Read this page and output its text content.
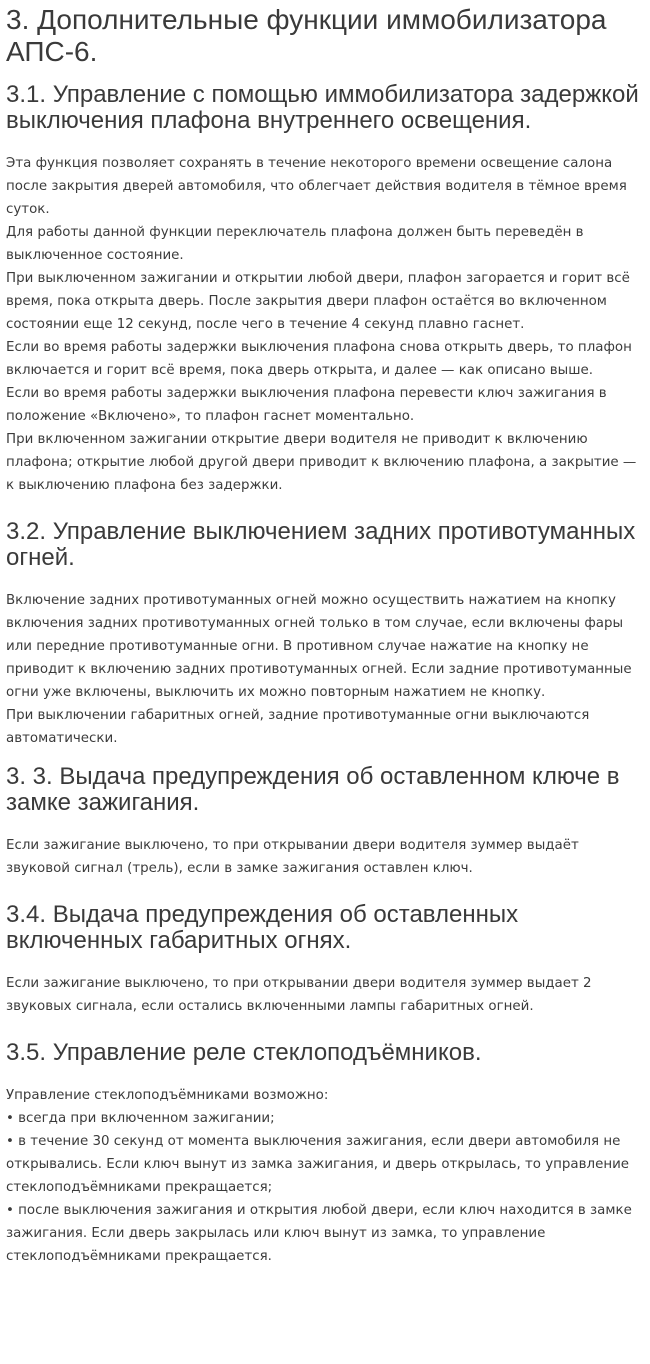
3. Дополнительные функции иммобилизатора АПС-6.
3.1. Управление с помощью иммобилизатора задержкой выключения плафона внутреннего освещения.

Эта функция позволяет сохранять в течение некоторого времени освещение салона после закрытия дверей автомобиля, что облегчает действия водителя в тёмное время суток.

Для работы данной функции переключатель плафона должен быть переведён в выключенное состояние.

При выключенном зажигании и открытии любой двери, плафон загорается и горит всё время, пока открыта дверь. После закрытия двери плафон остаётся во включенном состоянии еще 12 секунд, после чего в течение 4 секунд плавно гаснет.

Если во время работы задержки выключения плафона снова открыть дверь, то плафон включается и горит всё время, пока дверь открыта, и далее — как описано выше.

Если во время работы задержки выключения плафона перевести ключ зажигания в положение «Включено», то плафон гаснет моментально.

При включенном зажигании открытие двери водителя не приводит к включению плафона; открытие любой другой двери приводит к включению плафона, а закрытие — к выключению плафона без задержки.

3.2. Управление выключением задних противотуманных огней.

Включение задних противотуманных огней можно осуществить нажатием на кнопку включения задних противотуманных огней только в том случае, если включены фары или передние противотуманные огни. В противном случае нажатие на кнопку не приводит к включению задних противотуманных огней. Если задние противотуманные огни уже включены, выключить их можно повторным нажатием не кнопку.

При выключении габаритных огней, задние противотуманные огни выключаются автоматически.

3. 3. Выдача предупреждения об оставленном ключе в замке зажигания.

Если зажигание выключено, то при открывании двери водителя зуммер выдаёт звуковой сигнал (трель), если в замке зажигания оставлен ключ.

3.4. Выдача предупреждения об оставленных включенных габаритных огнях.

Если зажигание выключено, то при открывании двери водителя зуммер выдает 2 звуковых сигнала, если остались включенными лампы габаритных огней.

3.5. Управление реле стеклоподъёмников.

Управление стеклоподъёмниками возможно:

• всегда при включенном зажигании;

• в течение 30 секунд от момента выключения зажигания, если двери автомобиля не открывались. Если ключ вынут из замка зажигания, и дверь открылась, то управление стеклоподъёмниками прекращается;

• после выключения зажигания и открытия любой двери, если ключ находится в замке зажигания. Если дверь закрылась или ключ вынут из замка, то управление стеклоподъёмниками прекращается.
